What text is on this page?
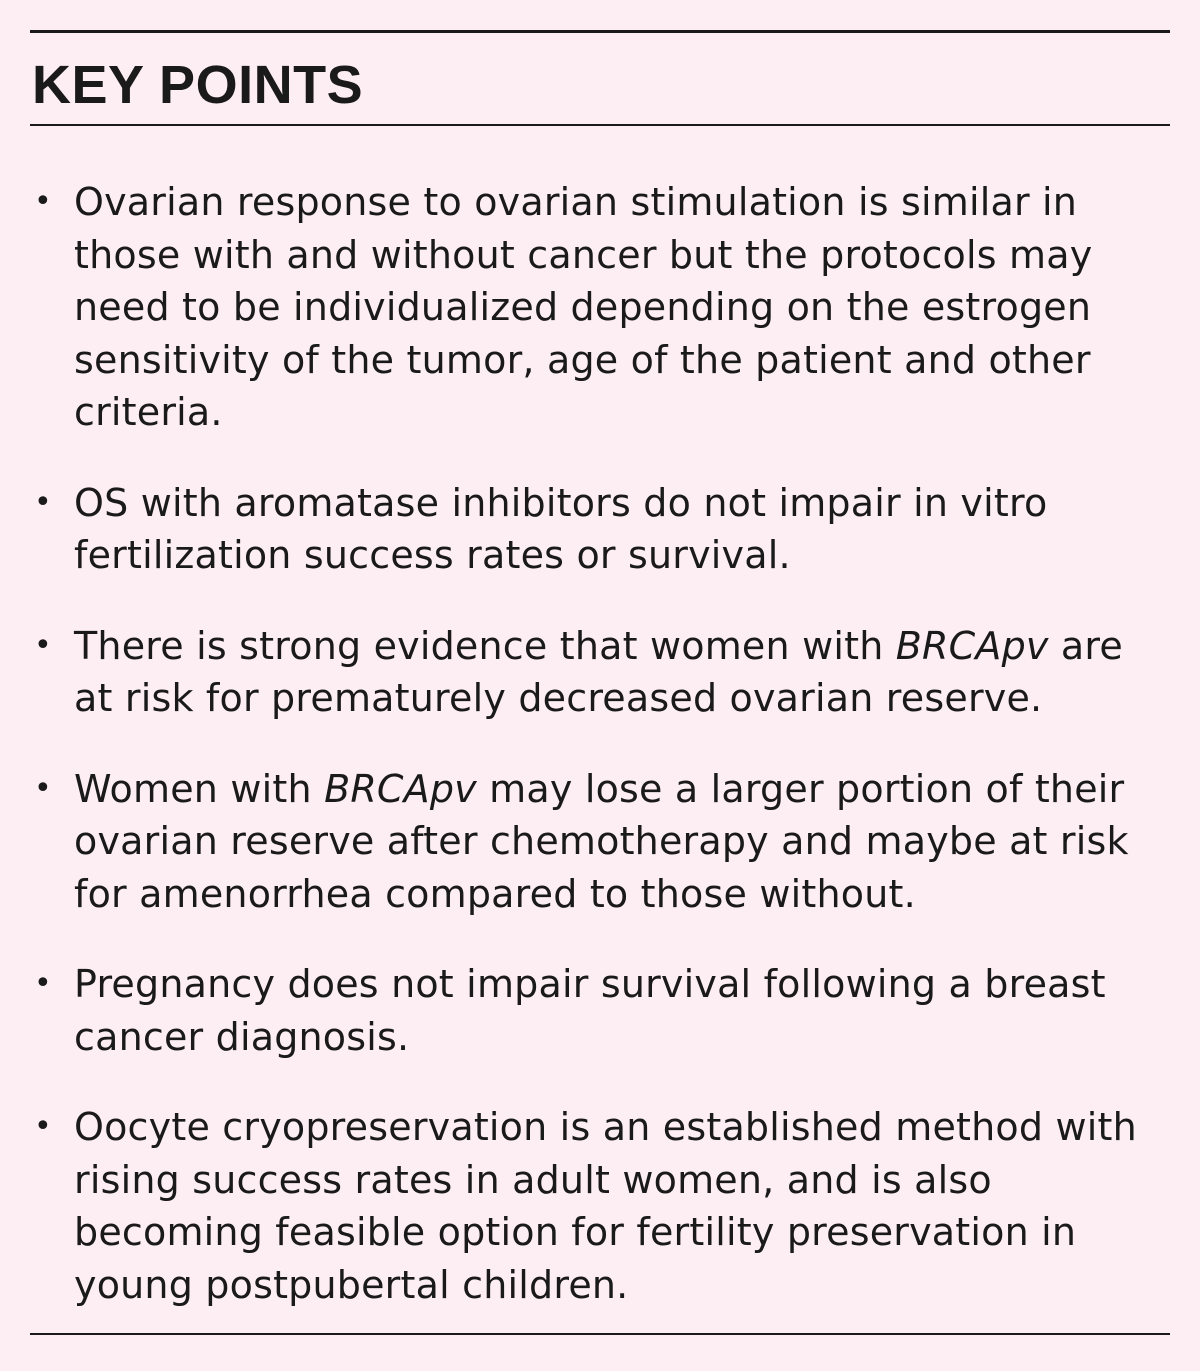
KEY POINTS
• Ovarian response to ovarian stimulation is similar in those with and without cancer but the protocols may need to be individualized depending on the estrogen sensitivity of the tumor, age of the patient and other criteria.
• OS with aromatase inhibitors do not impair in vitro fertilization success rates or survival.
• There is strong evidence that women with BRCApv are at risk for prematurely decreased ovarian reserve.
• Women with BRCApv may lose a larger portion of their ovarian reserve after chemotherapy and maybe at risk for amenorrhea compared to those without.
• Pregnancy does not impair survival following a breast cancer diagnosis.
• Oocyte cryopreservation is an established method with rising success rates in adult women, and is also becoming feasible option for fertility preservation in young postpubertal children.
